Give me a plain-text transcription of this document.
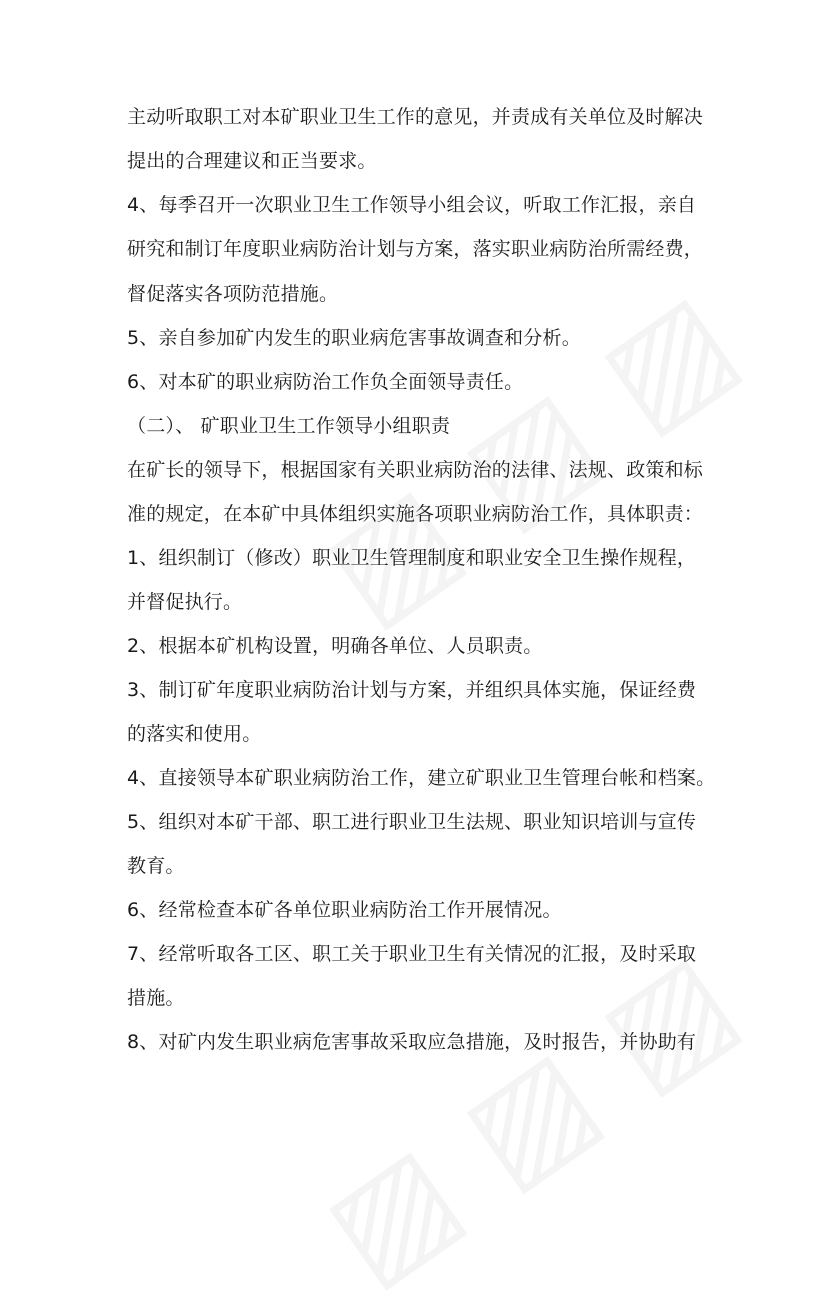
主动听取职工对本矿职业卫生工作的意见，并责成有关单位及时解决
提出的合理建议和正当要求。
4、每季召开一次职业卫生工作领导小组会议，听取工作汇报，亲自
研究和制订年度职业病防治计划与方案，落实职业病防治所需经费，
督促落实各项防范措施。
5、亲自参加矿内发生的职业病危害事故调查和分析。
6、对本矿的职业病防治工作负全面领导责任。
（二）、 矿职业卫生工作领导小组职责
在矿长的领导下，根据国家有关职业病防治的法律、法规、政策和标
准的规定，在本矿中具体组织实施各项职业病防治工作，具体职责：
1、组织制订（修改）职业卫生管理制度和职业安全卫生操作规程，
并督促执行。
2、根据本矿机构设置，明确各单位、人员职责。
3、制订矿年度职业病防治计划与方案，并组织具体实施，保证经费
的落实和使用。
4、直接领导本矿职业病防治工作，建立矿职业卫生管理台帐和档案。
5、组织对本矿干部、职工进行职业卫生法规、职业知识培训与宣传
教育。
6、经常检查本矿各单位职业病防治工作开展情况。
7、经常听取各工区、职工关于职业卫生有关情况的汇报，及时采取
措施。
8、对矿内发生职业病危害事故采取应急措施，及时报告，并协助有
